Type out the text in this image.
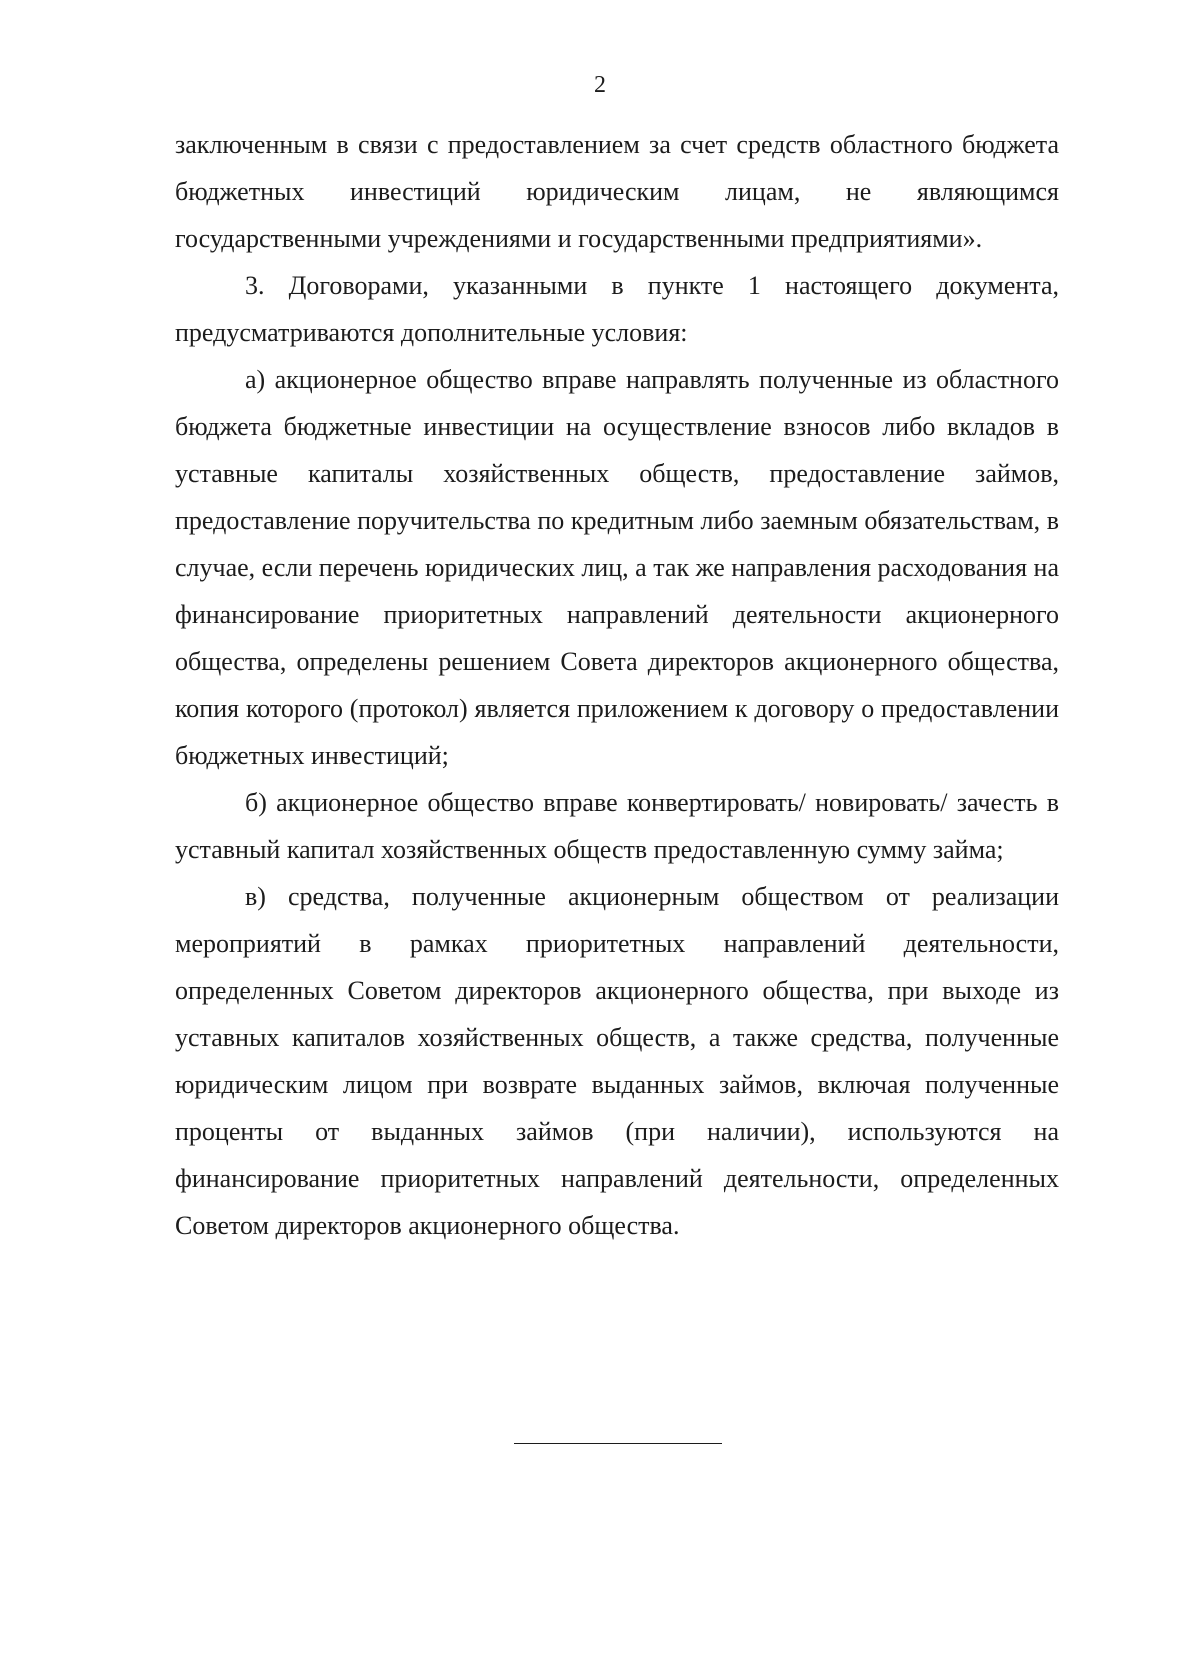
2

заключенным в связи с предоставлением за счет средств областного бюджета бюджетных инвестиций юридическим лицам, не являющимся государственными учреждениями и государственными предприятиями».

3. Договорами, указанными в пункте 1 настоящего документа, предусматриваются дополнительные условия:

а) акционерное общество вправе направлять полученные из областного бюджета бюджетные инвестиции на осуществление взносов либо вкладов в уставные капиталы хозяйственных обществ, предоставление займов, предоставление поручительства по кредитным либо заемным обязательствам, в случае, если перечень юридических лиц, а так же направления расходования на финансирование приоритетных направлений деятельности акционерного общества, определены решением Совета директоров акционерного общества, копия которого (протокол) является приложением к договору о предоставлении бюджетных инвестиций;

б) акционерное общество вправе конвертировать/ новировать/ зачесть в уставный капитал хозяйственных обществ предоставленную сумму займа;

в) средства, полученные акционерным обществом от реализации мероприятий в рамках приоритетных направлений деятельности, определенных Советом директоров акционерного общества, при выходе из уставных капиталов хозяйственных обществ, а также средства, полученные юридическим лицом при возврате выданных займов, включая полученные проценты от выданных займов (при наличии), используются на финансирование приоритетных направлений деятельности, определенных Советом директоров акционерного общества.
